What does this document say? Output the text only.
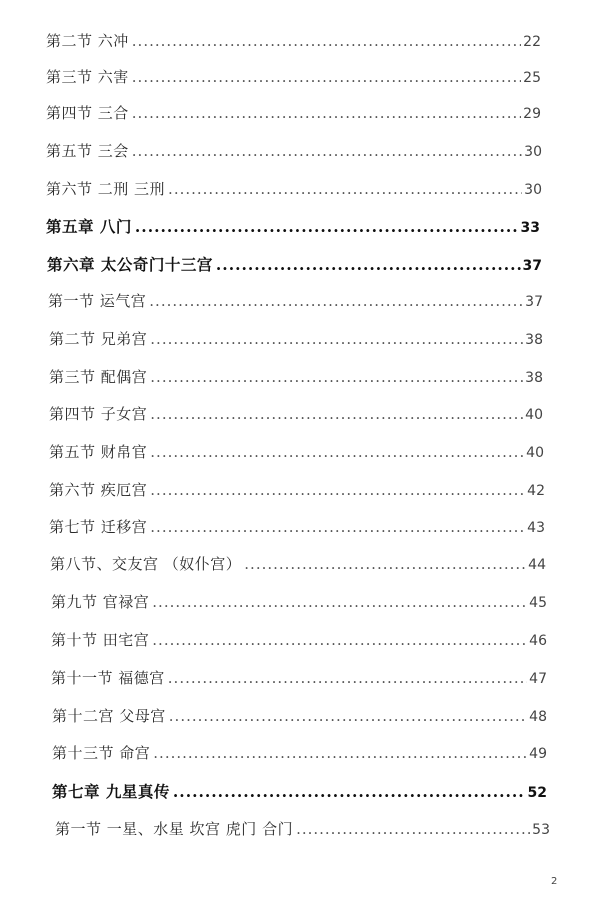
第二节 六冲 .....	22
第三节 六害 .....	25
第四节 三合 .....	29
第五节 三会 .....	30
第六节 二刑 三刑 .....	30
第五章 八门 .....	33
第六章 太公奇门十三宫 .....	37
第一节 运气宫 .....	37
第二节 兄弟宫 .....	38
第三节 配偶宫 .....	38
第四节 子女宫 .....	40
第五节 财帛官 .....	40
第六节 疾厄宫 .....	42
第七节 迁移宫 .....	43
第八节、交友宫 （奴仆宫） .....	44
第九节 官禄宫 .....	45
第十节 田宅宫 .....	46
第十一节 福德宫 .....	47
第十二宫 父母宫 .....	48
第十三节 命宫 .....	49
第七章 九星真传 .....	52
第一节 一星、水星 坎宫 虎门 合门 .....	53
2
